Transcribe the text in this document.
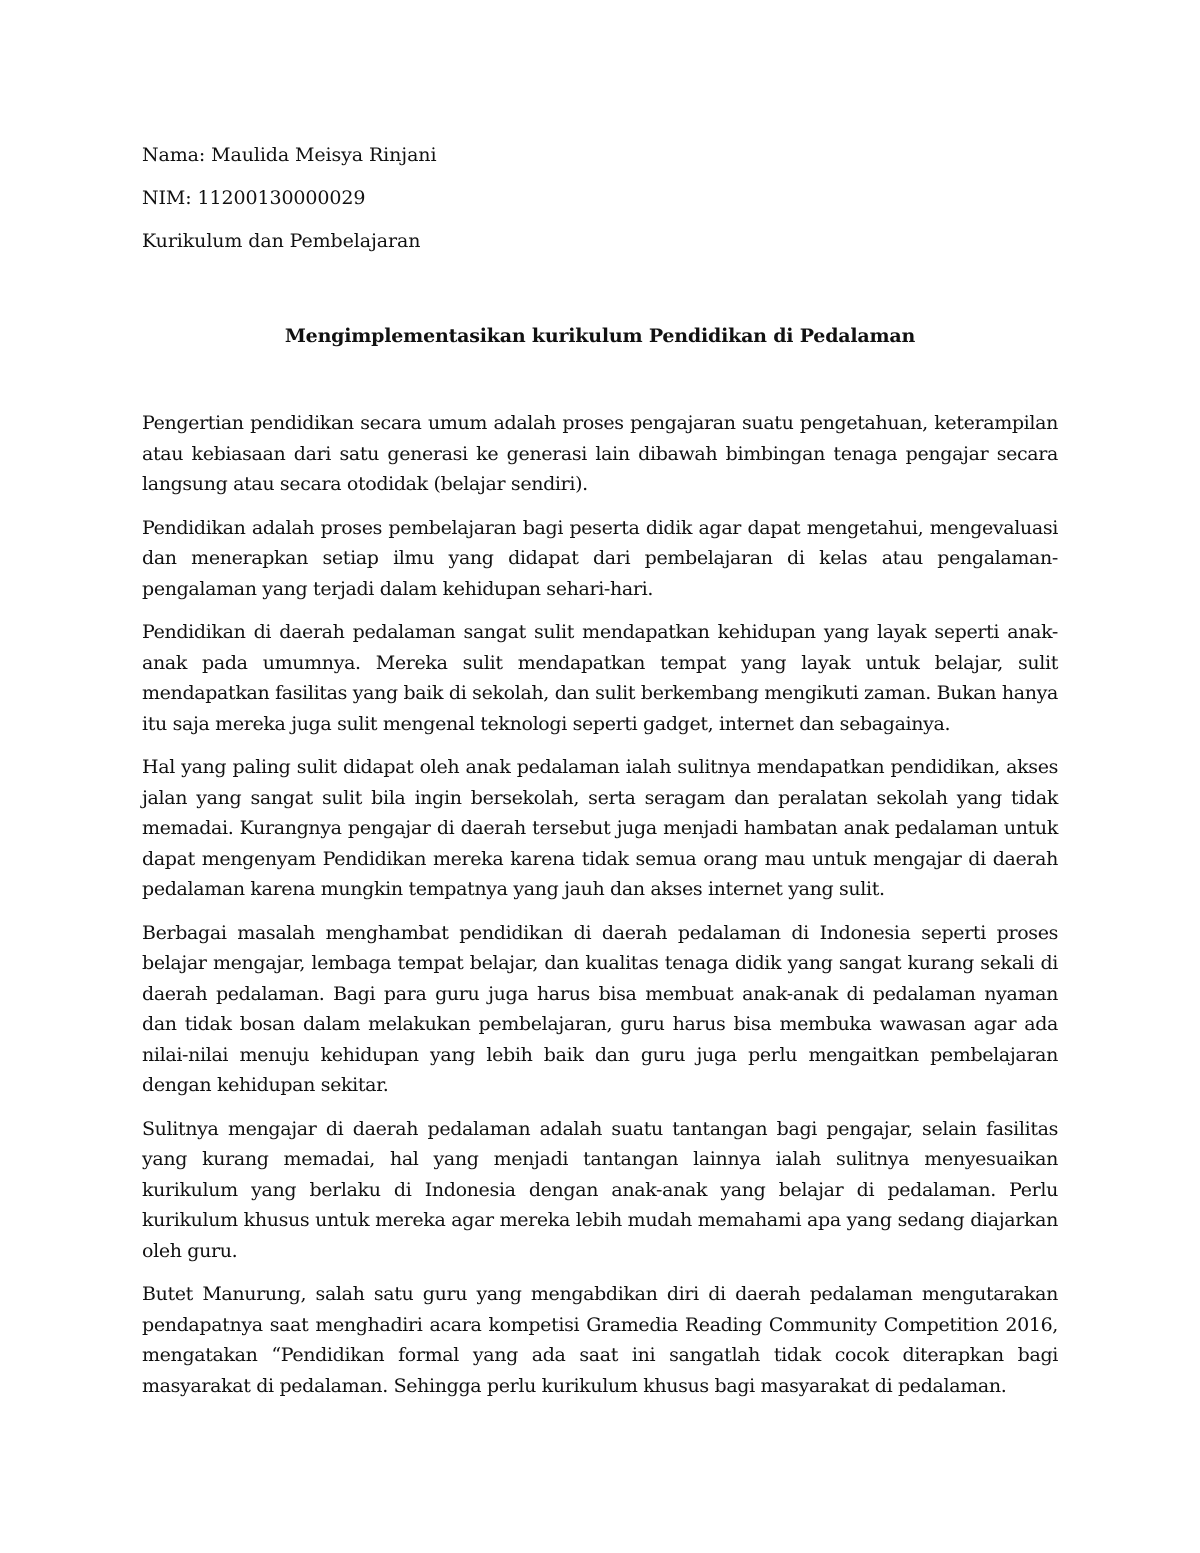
Nama: Maulida Meisya Rinjani

NIM: 11200130000029

Kurikulum dan Pembelajaran

Mengimplementasikan kurikulum Pendidikan di Pedalaman

Pengertian pendidikan secara umum adalah proses pengajaran suatu pengetahuan, keterampilan atau kebiasaan dari satu generasi ke generasi lain dibawah bimbingan tenaga pengajar secara langsung atau secara otodidak (belajar sendiri).

Pendidikan adalah proses pembelajaran bagi peserta didik agar dapat mengetahui, mengevaluasi dan menerapkan setiap ilmu yang didapat dari pembelajaran di kelas atau pengalaman-pengalaman yang terjadi dalam kehidupan sehari-hari.

Pendidikan di daerah pedalaman sangat sulit mendapatkan kehidupan yang layak seperti anak-anak pada umumnya. Mereka sulit mendapatkan tempat yang layak untuk belajar, sulit mendapatkan fasilitas yang baik di sekolah, dan sulit berkembang mengikuti zaman. Bukan hanya itu saja mereka juga sulit mengenal teknologi seperti gadget, internet dan sebagainya.

Hal yang paling sulit didapat oleh anak pedalaman ialah sulitnya mendapatkan pendidikan, akses jalan yang sangat sulit bila ingin bersekolah, serta seragam dan peralatan sekolah yang tidak memadai. Kurangnya pengajar di daerah tersebut juga menjadi hambatan anak pedalaman untuk dapat mengenyam Pendidikan mereka karena tidak semua orang mau untuk mengajar di daerah pedalaman karena mungkin tempatnya yang jauh dan akses internet yang sulit.

Berbagai masalah menghambat pendidikan di daerah pedalaman di Indonesia seperti proses belajar mengajar, lembaga tempat belajar, dan kualitas tenaga didik yang sangat kurang sekali di daerah pedalaman. Bagi para guru juga harus bisa membuat anak-anak di pedalaman nyaman dan tidak bosan dalam melakukan pembelajaran, guru harus bisa membuka wawasan agar ada nilai-nilai menuju kehidupan yang lebih baik dan guru juga perlu mengaitkan pembelajaran dengan kehidupan sekitar.

Sulitnya mengajar di daerah pedalaman adalah suatu tantangan bagi pengajar, selain fasilitas yang kurang memadai, hal yang menjadi tantangan lainnya ialah sulitnya menyesuaikan kurikulum yang berlaku di Indonesia dengan anak-anak yang belajar di pedalaman. Perlu kurikulum khusus untuk mereka agar mereka lebih mudah memahami apa yang sedang diajarkan oleh guru.

Butet Manurung, salah satu guru yang mengabdikan diri di daerah pedalaman mengutarakan pendapatnya saat menghadiri acara kompetisi Gramedia Reading Community Competition 2016, mengatakan “Pendidikan formal yang ada saat ini sangatlah tidak cocok diterapkan bagi masyarakat di pedalaman. Sehingga perlu kurikulum khusus bagi masyarakat di pedalaman.
